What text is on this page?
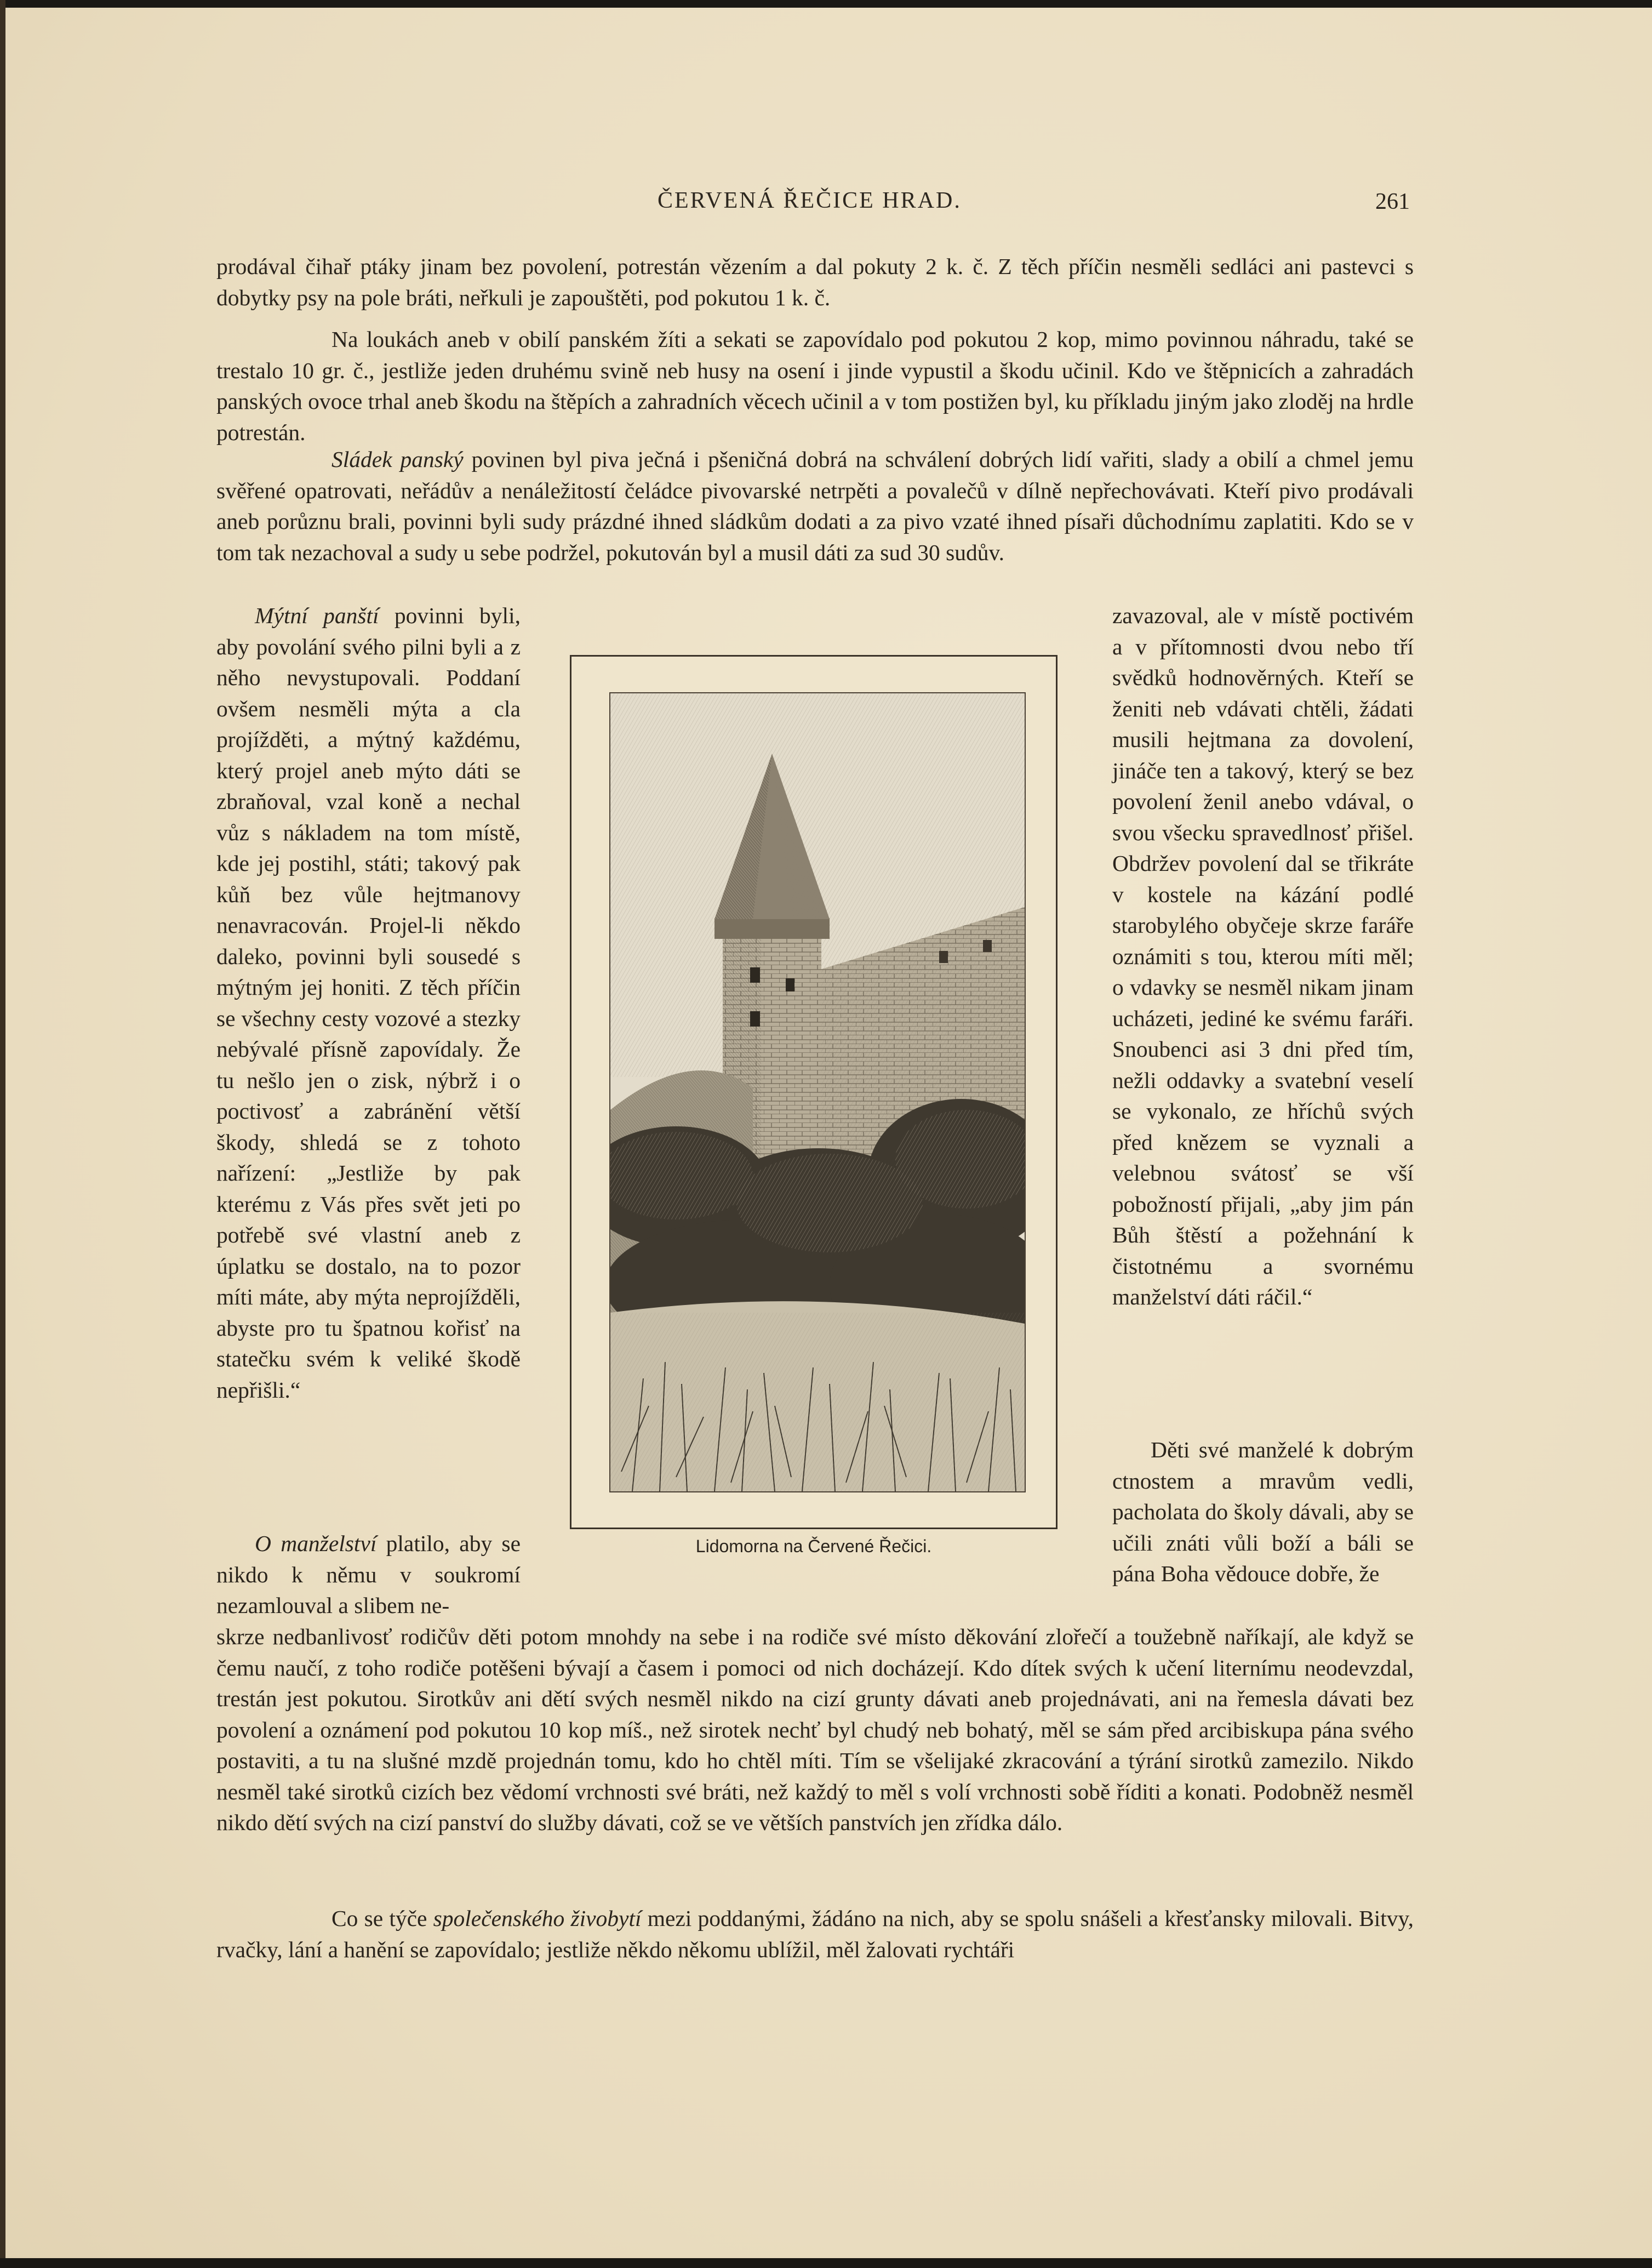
ČERVENÁ ŘEČICE HRAD.	261

prodával čihař ptáky jinam bez povolení, potrestán vězením a dal pokuty 2 k. č. Z těch příčin nesměli sedláci ani pastevci s dobytky psy na pole bráti, neřkuli je zapouštěti, pod pokutou 1 k. č.

Na loukách aneb v obilí panském žíti a sekati se zapovídalo pod pokutou 2 kop, mimo povinnou náhradu, také se trestalo 10 gr. č., jestliže jeden druhému svině neb husy na osení i jinde vypustil a škodu učinil. Kdo ve štěpnicích a zahradách panských ovoce trhal aneb škodu na štěpích a zahradních věcech učinil a v tom postižen byl, ku příkladu jiným jako zloděj na hrdle potrestán.

Sládek panský povinen byl piva ječná i pšeničná dobrá na schválení dobrých lidí vařiti, slady a obilí a chmel jemu svěřené opatrovati, neřádův a nenáležitostí čeládce pivovarské netrpěti a povalečů v dílně nepřechovávati. Kteří pivo prodávali aneb porůznu brali, povinni byli sudy prázdné ihned sládkům dodati a za pivo vzaté ihned písaři důchodnímu zaplatiti. Kdo se v tom tak nezachoval a sudy u sebe podržel, pokutován byl a musil dáti za sud 30 sudův.

Mýtní panští povinni byli, aby povolání svého pilni byli a z něho nevystupovali. Poddaní ovšem nesměli mýta a cla projížděti, a mýtný každému, který projel aneb mýto dáti se zbraňoval, vzal koně a nechal vůz s nákladem na tom místě, kde jej postihl, státi; takový pak kůň bez vůle hejtmanovy nenavracován. Projel-li někdo daleko, povinni byli sousedé s mýtným jej honiti. Z těch příčin se všechny cesty vozové a stezky nebývalé přísně zapovídaly. Že tu nešlo jen o zisk, nýbrž i o poctivosť a zabránění větší škody, shledá se z tohoto nařízení: „Jestliže by pak kterému z Vás přes svět jeti po potřebě své vlastní aneb z úplatku se dostalo, na to pozor míti máte, aby mýta neprojížděli, abyste pro tu špatnou kořisť na statečku svém k veliké škodě nepřišli.“

O manželství platilo, aby se nikdo k němu v soukromí nezamlouval a slibem ne-

zavazoval, ale v místě poctivém a v přítomnosti dvou nebo tří svědků hodnověrných. Kteří se ženiti neb vdávati chtěli, žádati musili hejtmana za dovolení, jináče ten a takový, který se bez povolení ženil anebo vdával, o svou všecku spravedlnosť přišel. Obdržev povolení dal se třikráte v kostele na kázání podlé starobylého obyčeje skrze faráře oznámiti s tou, kterou míti měl; o vdavky se nesměl nikam jinam ucházeti, jediné ke svému faráři. Snoubenci asi 3 dni před tím, nežli oddavky a svatební veselí se vykonalo, ze hříchů svých před knězem se vyznali a velebnou svátosť se vší pobožností přijali, „aby jim pán Bůh štěstí a požehnání k čistotnému a svornému manželství dáti ráčil.“

Děti své manželé k dobrým ctnostem a mravům vedli, pacholata do školy dávali, aby se učili znáti vůli boží a báli se pána Boha vědouce dobře, že

Lidomorna na Červené Řečici.

skrze nedbanlivosť rodičův děti potom mnohdy na sebe i na rodiče své místo děkování zlořečí a toužebně naříkají, ale když se čemu naučí, z toho rodiče potěšeni bývají a časem i pomoci od nich docházejí. Kdo dítek svých k učení liternímu neodevzdal, trestán jest pokutou. Sirotkův ani dětí svých nesměl nikdo na cizí grunty dávati aneb projednávati, ani na řemesla dávati bez povolení a oznámení pod pokutou 10 kop míš., než sirotek nechť byl chudý neb bohatý, měl se sám před arcibiskupa pána svého postaviti, a tu na slušné mzdě projednán tomu, kdo ho chtěl míti. Tím se všelijaké zkracování a týrání sirotků zamezilo. Nikdo nesměl také sirotků cizích bez vědomí vrchnosti své bráti, než každý to měl s volí vrchnosti sobě říditi a konati. Podobněž nesměl nikdo dětí svých na cizí panství do služby dávati, což se ve větších panstvích jen zřídka dálo.

Co se týče společenského živobytí mezi poddanými, žádáno na nich, aby se spolu snášeli a křesťansky milovali. Bitvy, rvačky, lání a hanění se zapovídalo; jestliže někdo někomu ublížil, měl žalovati rychtáři
